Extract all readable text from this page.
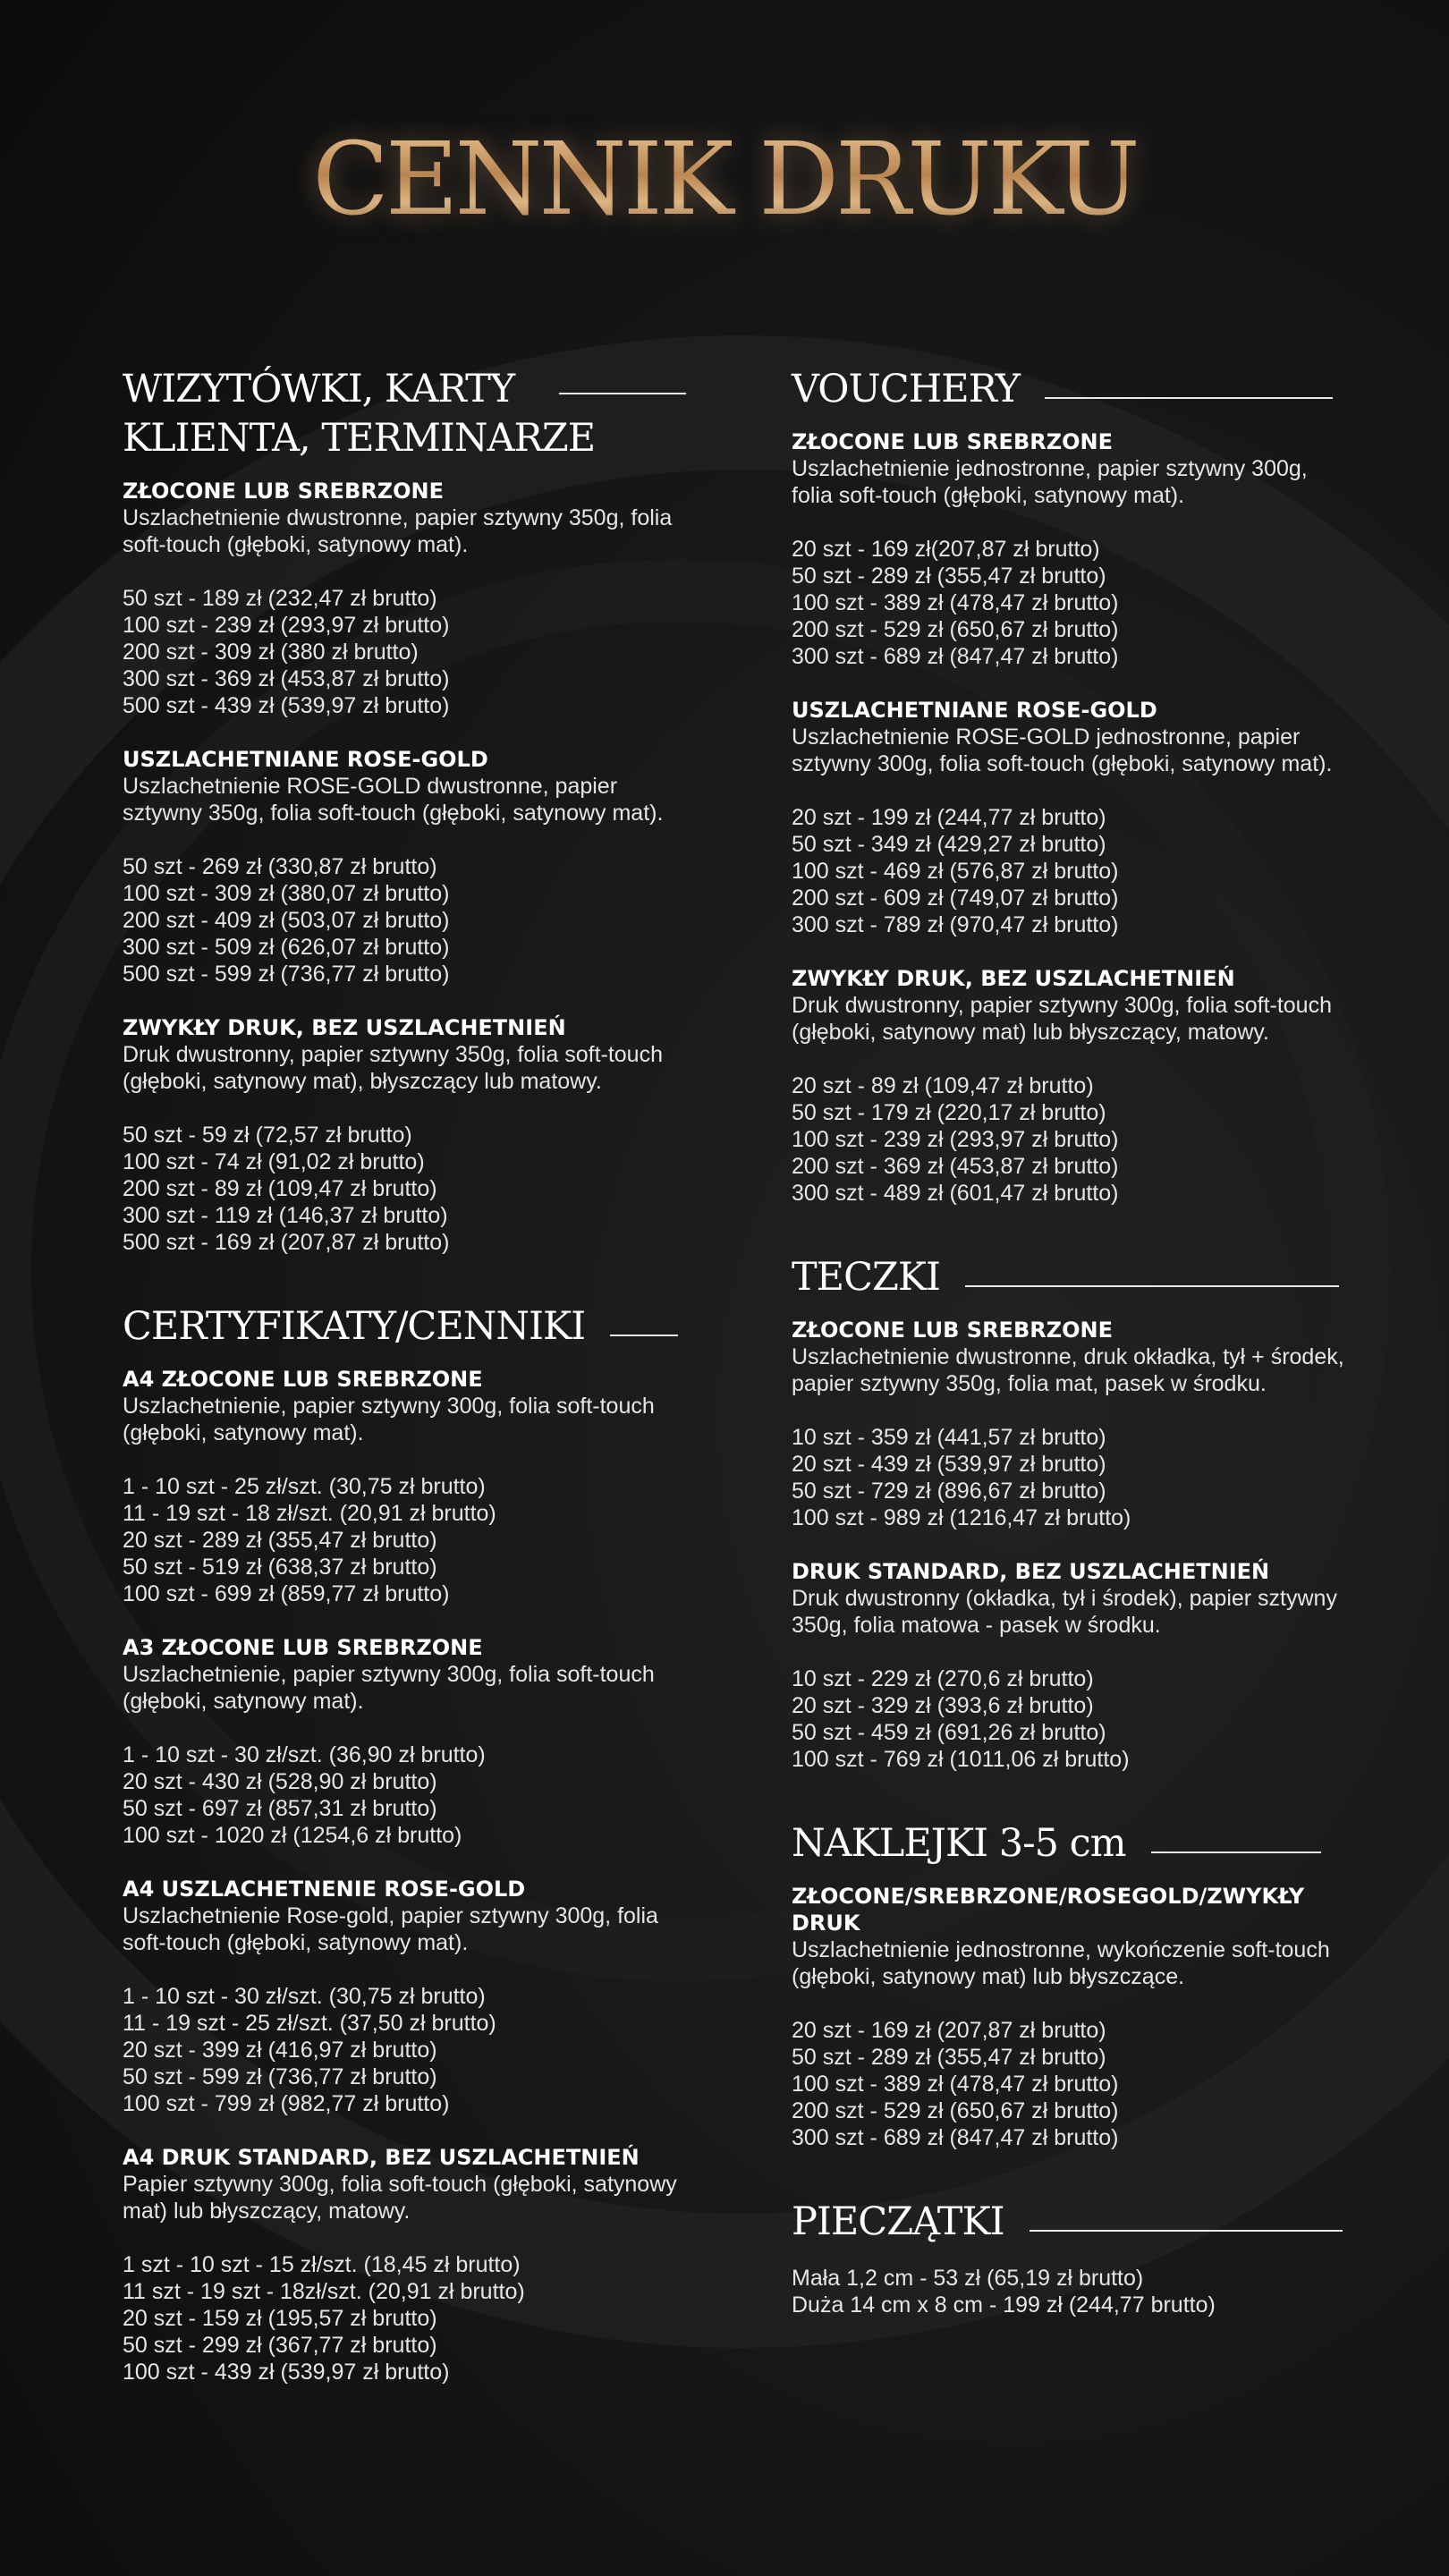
CENNIK DRUKU
WIZYTÓWKI, KARTY KLIENTA, TERMINARZE
ZŁOCONE LUB SREBRZONE

Uszlachetnienie dwustronne, papier sztywny 350g, folia soft-touch (głęboki, satynowy mat).

50 szt - 189 zł (232,47 zł brutto)
100 szt - 239 zł (293,97 zł brutto)
200 szt - 309 zł (380 zł brutto)
300 szt - 369 zł (453,87 zł brutto)
500 szt - 439 zł (539,97 zł brutto)
USZLACHETNIANE ROSE-GOLD

Uszlachetnienie ROSE-GOLD dwustronne, papier sztywny 350g, folia soft-touch (głęboki, satynowy mat).

50 szt - 269 zł (330,87 zł brutto)
100 szt - 309 zł (380,07 zł brutto)
200 szt - 409 zł (503,07 zł brutto)
300 szt - 509 zł (626,07 zł brutto)
500 szt - 599 zł (736,77 zł brutto)
ZWYKŁY DRUK, BEZ USZLACHETNIEŃ

Druk dwustronny, papier sztywny 350g, folia soft-touch (głęboki, satynowy mat), błyszczący lub matowy.

50 szt - 59 zł (72,57 zł brutto)
100 szt - 74 zł (91,02 zł brutto)
200 szt - 89 zł (109,47 zł brutto)
300 szt - 119 zł (146,37 zł brutto)
500 szt - 169 zł (207,87 zł brutto)
CERTYFIKATY/CENNIKI
A4 ZŁOCONE LUB SREBRZONE

Uszlachetnienie, papier sztywny 300g, folia soft-touch (głęboki, satynowy mat).

1 - 10 szt - 25 zł/szt. (30,75 zł brutto)
11 - 19 szt - 18 zł/szt. (20,91 zł brutto)
20 szt - 289 zł (355,47 zł brutto)
50 szt - 519 zł (638,37 zł brutto)
100 szt - 699 zł (859,77 zł brutto)
A3 ZŁOCONE LUB SREBRZONE

Uszlachetnienie, papier sztywny 300g, folia soft-touch (głęboki, satynowy mat).

1 - 10 szt - 30 zł/szt. (36,90 zł brutto)
20 szt - 430 zł (528,90 zł brutto)
50 szt - 697 zł (857,31 zł brutto)
100 szt - 1020 zł (1254,6 zł brutto)
A4 USZLACHETNENIE ROSE-GOLD

Uszlachetnienie Rose-gold, papier sztywny 300g, folia soft-touch (głęboki, satynowy mat).

1 - 10 szt - 30 zł/szt. (30,75 zł brutto)
11 - 19 szt - 25 zł/szt. (37,50 zł brutto)
20 szt - 399 zł (416,97 zł brutto)
50 szt - 599 zł (736,77 zł brutto)
100 szt - 799 zł (982,77 zł brutto)
A4 DRUK STANDARD, BEZ USZLACHETNIEŃ

Papier sztywny 300g, folia soft-touch (głęboki, satynowy mat) lub błyszczący, matowy.

1 szt - 10 szt - 15 zł/szt. (18,45 zł brutto)
11 szt - 19 szt - 18zł/szt. (20,91 zł brutto)
20 szt - 159 zł (195,57 zł brutto)
50 szt - 299 zł (367,77 zł brutto)
100 szt - 439 zł (539,97 zł brutto)
VOUCHERY
ZŁOCONE LUB SREBRZONE

Uszlachetnienie jednostronne, papier sztywny 300g, folia soft-touch (głęboki, satynowy mat).

20 szt - 169 zł(207,87 zł brutto)
50 szt - 289 zł (355,47 zł brutto)
100 szt - 389 zł (478,47 zł brutto)
200 szt - 529 zł (650,67 zł brutto)
300 szt - 689 zł (847,47 zł brutto)
USZLACHETNIANE ROSE-GOLD

Uszlachetnienie ROSE-GOLD jednostronne, papier sztywny 300g, folia soft-touch (głęboki, satynowy mat).

20 szt - 199 zł (244,77 zł brutto)
50 szt - 349 zł (429,27 zł brutto)
100 szt - 469 zł (576,87 zł brutto)
200 szt - 609 zł (749,07 zł brutto)
300 szt - 789 zł (970,47 zł brutto)
ZWYKŁY DRUK, BEZ USZLACHETNIEŃ

Druk dwustronny, papier sztywny 300g, folia soft-touch (głęboki, satynowy mat) lub błyszczący, matowy.

20 szt - 89 zł (109,47 zł brutto)
50 szt - 179 zł (220,17 zł brutto)
100 szt - 239 zł (293,97 zł brutto)
200 szt - 369 zł (453,87 zł brutto)
300 szt - 489 zł (601,47 zł brutto)
TECZKI
ZŁOCONE LUB SREBRZONE

Uszlachetnienie dwustronne, druk okładka, tył + środek, papier sztywny 350g, folia mat, pasek w środku.

10 szt - 359 zł (441,57 zł brutto)
20 szt - 439 zł (539,97 zł brutto)
50 szt - 729 zł (896,67 zł brutto)
100 szt - 989 zł (1216,47 zł brutto)
DRUK STANDARD, BEZ USZLACHETNIEŃ

Druk dwustronny (okładka, tył i środek), papier sztywny 350g, folia matowa - pasek w środku.

10 szt - 229 zł (270,6 zł brutto)
20 szt - 329 zł (393,6 zł brutto)
50 szt - 459 zł (691,26 zł brutto)
100 szt - 769 zł (1011,06 zł brutto)
NAKLEJKI 3-5 cm
ZŁOCONE/SREBRZONE/ROSEGOLD/ZWYKŁY DRUK

Uszlachetnienie jednostronne, wykończenie soft-touch (głęboki, satynowy mat) lub błyszczące.

20 szt - 169 zł (207,87 zł brutto)
50 szt - 289 zł (355,47 zł brutto)
100 szt - 389 zł (478,47 zł brutto)
200 szt - 529 zł (650,67 zł brutto)
300 szt - 689 zł (847,47 zł brutto)
PIECZĄTKI
Mała 1,2 cm - 53 zł (65,19 zł brutto)
Duża 14 cm x 8 cm - 199 zł (244,77 brutto)
